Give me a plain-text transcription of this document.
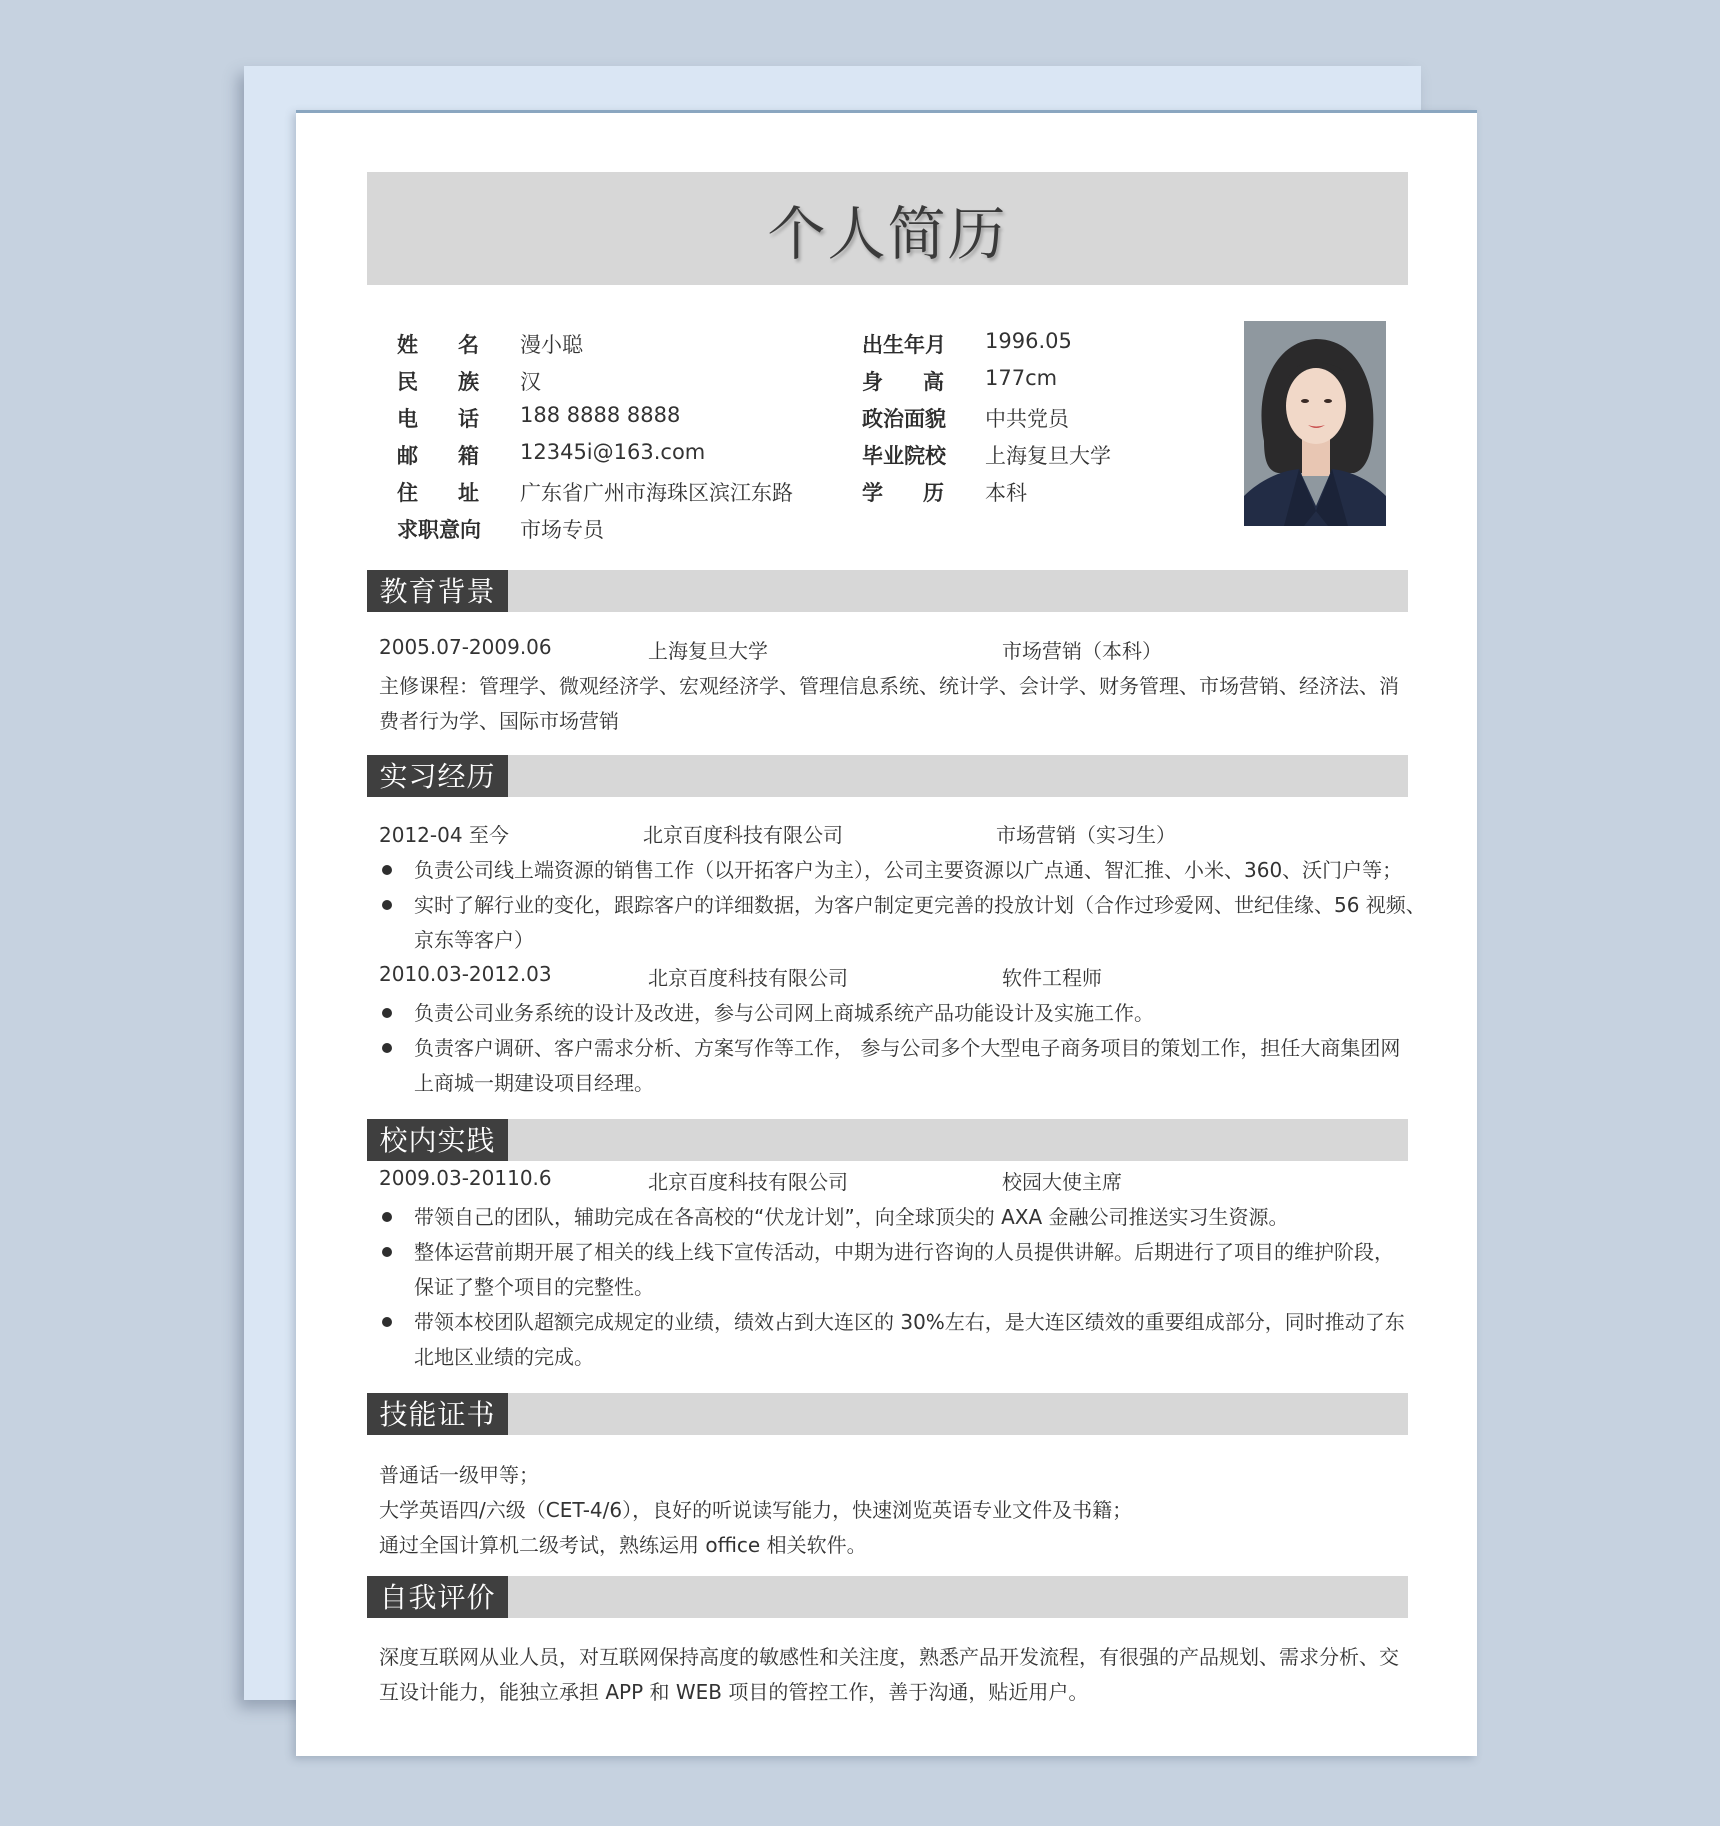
个人简历
姓 名 漫小聪
民 族 汉
电 话 188 8888 8888
邮 箱 12345i@163.com
住 址 广东省广州市海珠区滨江东路
求职意向 市场专员
出生年月 1996.05
身 高 177cm
政治面貌 中共党员
毕业院校 上海复旦大学
学 历 本科
教育背景
2005.07-2009.06	上海复旦大学	市场营销（本科）
主修课程：管理学、微观经济学、宏观经济学、管理信息系统、统计学、会计学、财务管理、市场营销、经济法、消
费者行为学、国际市场营销
实习经历
2012-04 至今	北京百度科技有限公司	市场营销（实习生）
负责公司线上端资源的销售工作（以开拓客户为主），公司主要资源以广点通、智汇推、小米、360、沃门户等；
实时了解行业的变化，跟踪客户的详细数据，为客户制定更完善的投放计划（合作过珍爱网、世纪佳缘、56 视频、
京东等客户）
2010.03-2012.03	北京百度科技有限公司	软件工程师
负责公司业务系统的设计及改进，参与公司网上商城系统产品功能设计及实施工作。
负责客户调研、客户需求分析、方案写作等工作， 参与公司多个大型电子商务项目的策划工作，担任大商集团网
上商城一期建设项目经理。
校内实践
2009.03-20110.6	北京百度科技有限公司	校园大使主席
带领自己的团队，辅助完成在各高校的“伏龙计划”，向全球顶尖的 AXA 金融公司推送实习生资源。
整体运营前期开展了相关的线上线下宣传活动，中期为进行咨询的人员提供讲解。后期进行了项目的维护阶段，
保证了整个项目的完整性。
带领本校团队超额完成规定的业绩，绩效占到大连区的 30%左右，是大连区绩效的重要组成部分，同时推动了东
北地区业绩的完成。
技能证书
普通话一级甲等；
大学英语四/六级（CET-4/6），良好的听说读写能力，快速浏览英语专业文件及书籍；
通过全国计算机二级考试，熟练运用 office 相关软件。
自我评价
深度互联网从业人员，对互联网保持高度的敏感性和关注度，熟悉产品开发流程，有很强的产品规划、需求分析、交
互设计能力，能独立承担 APP 和 WEB 项目的管控工作，善于沟通，贴近用户。
